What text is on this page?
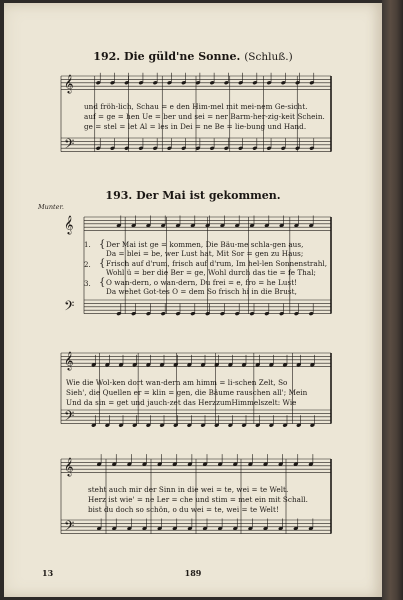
𝄞
𝄢
𝄞
𝄢
𝄞
𝄢
𝄞
𝄢
192. Die güld'ne Sonne. (Schluß.)
und fröh-lich, Schau = e den Him-mel mit mei-nem Ge-sicht.
auf = ge = hen Ue = ber und sei = ner Barm-her-zig-keit Schein.
ge = stel = let Al = les in Dei = ne Be = lie-bung und Hand.
193. Der Mai ist gekommen.
Munter.
1.
2.
3.
{
{
{
Der Mai ist ge = kommen, Die Bäu-me schla-gen aus,
Da = blei = be, wer Lust hat, Mit Sor = gen zu Haus;
Frisch auf d'rum, frisch auf d'rum, Im hel-len Sonnenstrahl,
Wohl ü = ber die Ber = ge, Wohl durch das tie = fe Thal;
O wan-dern, o wan-dern, Du frei = e, fro = he Lust!
Da wehet Got-tes O = dem So frisch hi in die Brust,
Wie die Wol-ken dort wan-dern am himm = li-schen Zelt, So
Sieh', die Quellen er = klin = gen, die Bäume rauschen all'; Mein
Und da sin = get und jauch-zet das HerzzumHimmelszelt: Wie
steht auch mir der Sinn in die wei = te, wei = te Welt.
Herz ist wie' = ne Ler = che und stim = met ein mit Schall.
bist du doch so schön, o du wei = te, wei = te Welt!
13	189
